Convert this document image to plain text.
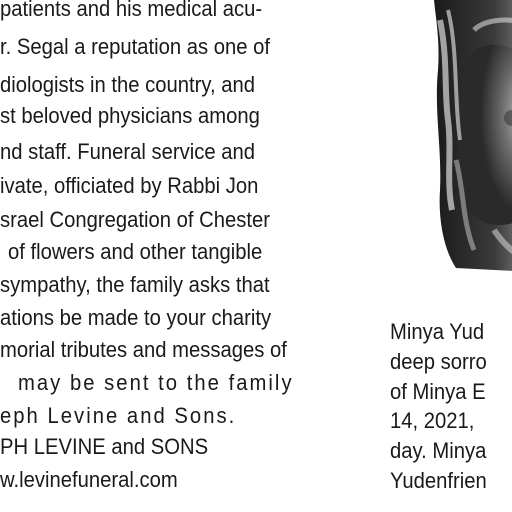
patients and his medical acu-
r. Segal a reputation as one of
diologists in the country, and
st beloved physicians among
nd staff. Funeral service and
ivate, officiated by Rabbi Jon
srael Congregation of Chester
of flowers and other tangible
sympathy, the family asks that
ations be made to your charity
morial tributes and messages of
may be sent to the family
eph Levine and Sons.
PH LEVINE and SONS
w.levinefuneral.com
Minya Yud
deep sorro
of Minya E
14, 2021,
day. Minya
Yudenfrien
